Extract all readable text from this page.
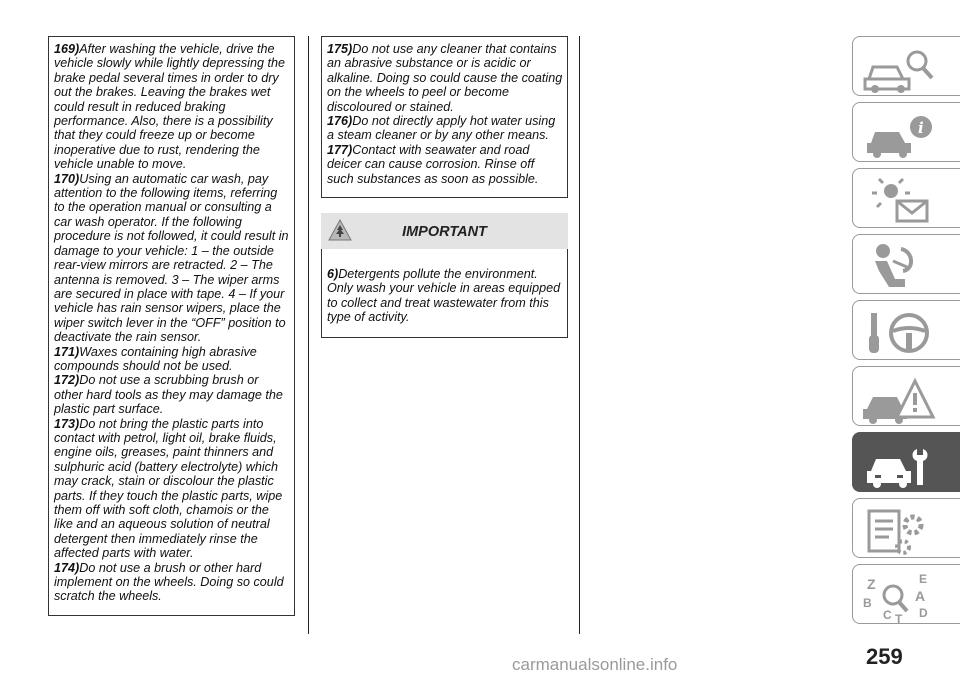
169)After washing the vehicle, drive the vehicle slowly while lightly depressing the brake pedal several times in order to dry out the brakes. Leaving the brakes wet could result in reduced braking performance. Also, there is a possibility that they could freeze up or become inoperative due to rust, rendering the vehicle unable to move.
170)Using an automatic car wash, pay attention to the following items, referring to the operation manual or consulting a car wash operator. If the following procedure is not followed, it could result in damage to your vehicle: 1 – the outside rear-view mirrors are retracted. 2 – The antenna is removed. 3 – The wiper arms are secured in place with tape. 4 – If your vehicle has rain sensor wipers, place the wiper switch lever in the “OFF” position to deactivate the rain sensor.
171)Waxes containing high abrasive compounds should not be used.
172)Do not use a scrubbing brush or other hard tools as they may damage the plastic part surface.
173)Do not bring the plastic parts into contact with petrol, light oil, brake fluids, engine oils, greases, paint thinners and sulphuric acid (battery electrolyte) which may crack, stain or discolour the plastic parts. If they touch the plastic parts, wipe them off with soft cloth, chamois or the like and an aqueous solution of neutral detergent then immediately rinse the affected parts with water.
174)Do not use a brush or other hard implement on the wheels. Doing so could scratch the wheels.
175)Do not use any cleaner that contains an abrasive substance or is acidic or alkaline. Doing so could cause the coating on the wheels to peel or become discoloured or stained.
176)Do not directly apply hot water using a steam cleaner or by any other means.
177)Contact with seawater and road deicer can cause corrosion. Rinse off such substances as soon as possible.
IMPORTANT
6)Detergents pollute the environment. Only wash your vehicle in areas equipped to collect and treat wastewater from this type of activity.
i
Z	E
A
B
D
C T
259
carmanualsonline.info
